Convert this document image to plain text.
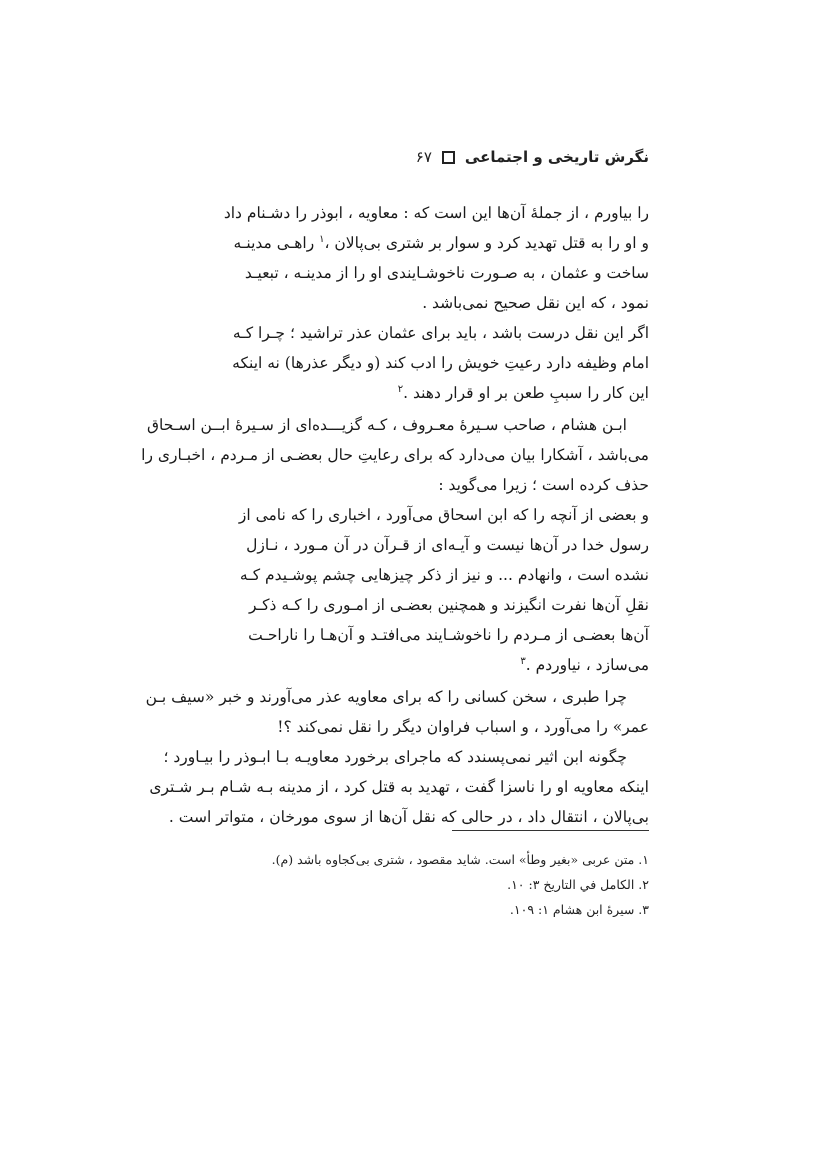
نگرش تاریخی و اجتماعی
۶۷
را بیاورم ، از جملهٔ آن‌ها این است که : معاویه ، ابوذر را دشـنام داد
و او را به قتل تهدید کرد و سوار بر شتری بی‌پالان ،$^۱$ راهـی مدینـه
ساخت و عثمان ، به صـورت ناخوشـایندی او را از مدینـه ، تبعیـد
نمود ، که این نقل صحیح نمی‌باشد .
اگر این نقل درست باشد ، باید برای عثمان عذر تراشید ؛ چـرا کـه
امام وظیفه دارد رعیتِ خویش را ادب کند (و دیگر عذرها) نه اینکه
این کار را سببِ طعن بر او قرار دهند .$^۲$
ابـن هشام ، صاحب سـیرهٔ معـروف ، کـه گزیـــده‌ای از سـیرهٔ ابــن اسـحاق
می‌باشد ، آشکارا بیان می‌دارد که برای رعایتِ حال بعضـی از مـردم ، اخبـاری را
حذف کرده است ؛ زیرا می‌گوید :
و بعضی از آنچه را که ابن اسحاق می‌آورد ، اخباری را که نامی از
رسول خدا در آن‌ها نیست و آیـه‌ای از قـرآن در آن مـورد ، نـازل
نشده است ، وانهادم ... و نیز از ذکر چیزهایی چشم پوشـیدم کـه
نقلِ آن‌ها نفرت انگیزند و همچنین بعضـی از امـوری را کـه ذکـر
آن‌ها بعضـی از مـردم را ناخوشـایند می‌افتـد و آن‌هـا را ناراحـت
می‌سازد ، نیاوردم .$^۳$
چرا طبری ، سخن کسانی را که برای معاویه عذر می‌آورند و خبر «سیف بـن
عمر» را می‌آورد ، و اسباب فراوان دیگر را نقل نمی‌کند ؟!
چگونه ابن اثیر نمی‌پسندد که ماجرای برخورد معاویـه بـا ابـوذر را بیـاورد ؛
اینکه معاویه او را ناسزا گفت ، تهدید به قتل کرد ، از مدینه بـه شـام بـر شـتری
بی‌پالان ، انتقال داد ، در حالی که نقل آن‌ها از سوی مورخان ، متواتر است .
۱. متن عربی «بغیر وطأ» است. شاید مقصود ، شتری بی‌کجاوه باشد (م).
۲. الکامل في التاریخ ۳: ۱۰.
۳. سیرهٔ ابن هشام ۱: ۱۰۹.
